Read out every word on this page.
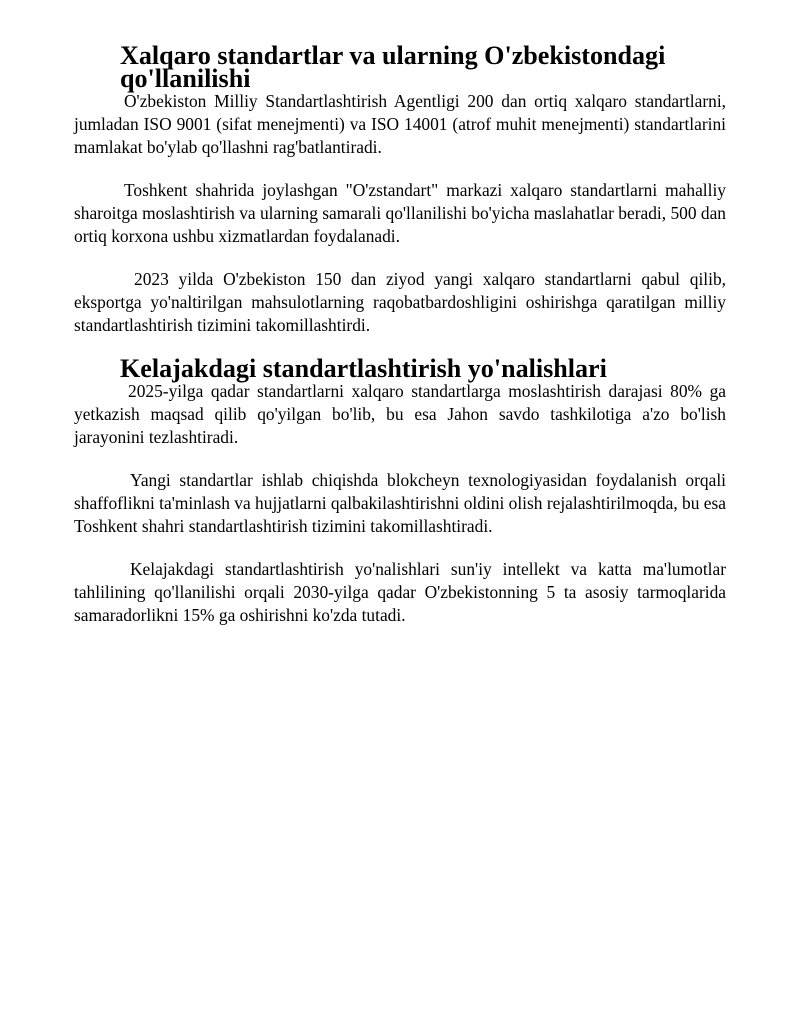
Xalqaro standartlar va ularning O'zbekistondagi qo'llanilishi

O'zbekiston Milliy Standartlashtirish Agentligi 200 dan ortiq xalqaro standartlarni, jumladan ISO 9001 (sifat menejmenti) va ISO 14001 (atrof muhit menejmenti) standartlarini mamlakat bo'ylab qo'llashni rag'batlantiradi.

Toshkent shahrida joylashgan "O'zstandart" markazi xalqaro standartlarni mahalliy sharoitga moslashtirish va ularning samarali qo'llanilishi bo'yicha maslahatlar beradi, 500 dan ortiq korxona ushbu xizmatlardan foydalanadi.

2023 yilda O'zbekiston 150 dan ziyod yangi xalqaro standartlarni qabul qilib, eksportga yo'naltirilgan mahsulotlarning raqobatbardoshligini oshirishga qaratilgan milliy standartlashtirish tizimini takomillashtirdi.

Kelajakdagi standartlashtirish yo'nalishlari

2025-yilga qadar standartlarni xalqaro standartlarga moslashtirish darajasi 80% ga yetkazish maqsad qilib qo'yilgan bo'lib, bu esa Jahon savdo tashkilotiga a'zo bo'lish jarayonini tezlashtiradi.

Yangi standartlar ishlab chiqishda blokcheyn texnologiyasidan foydalanish orqali shaffoflikni ta'minlash va hujjatlarni qalbakilashtirishni oldini olish rejalashtirilmoqda, bu esa Toshkent shahri standartlashtirish tizimini takomillashtiradi.

Kelajakdagi standartlashtirish yo'nalishlari sun'iy intellekt va katta ma'lumotlar tahlilining qo'llanilishi orqali 2030-yilga qadar O'zbekistonning 5 ta asosiy tarmoqlarida samaradorlikni 15% ga oshirishni ko'zda tutadi.
